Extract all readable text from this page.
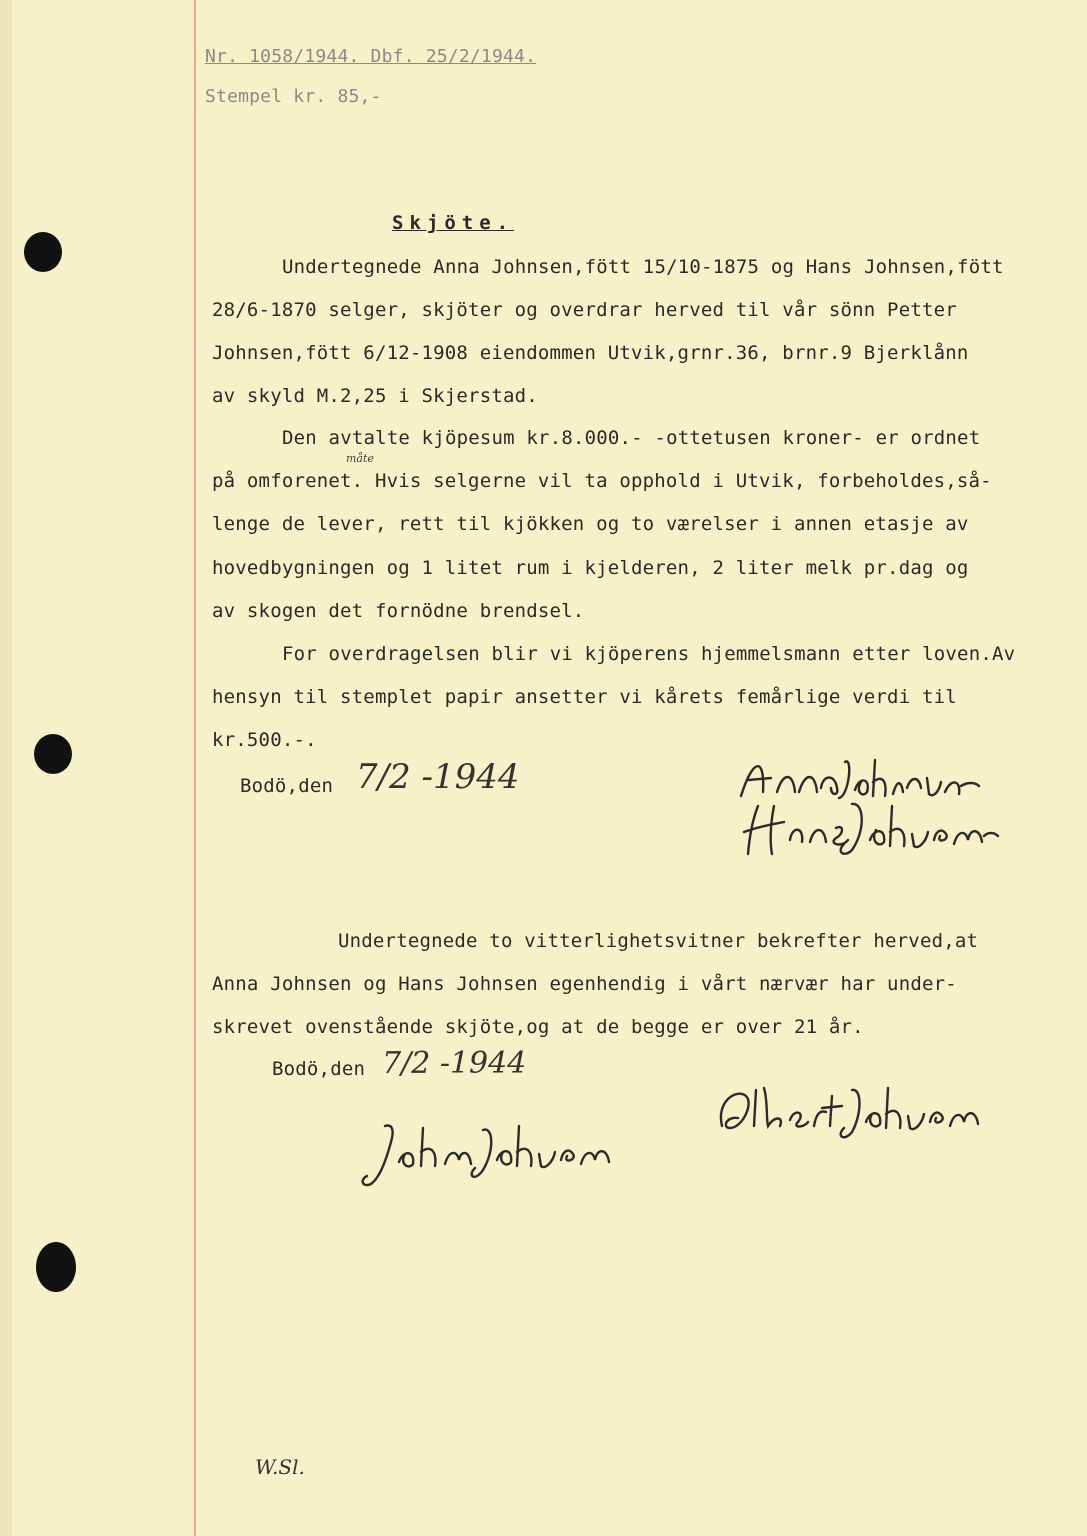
Nr. 1058/1944. Dbf. 25/2/1944.
Stempel kr. 85,-
Skjöte.
Undertegnede Anna Johnsen,fött 15/10-1875 og Hans Johnsen,fött
28/6-1870 selger, skjöter og overdrar herved til vår sönn Petter
Johnsen,fött 6/12-1908 eiendommen Utvik,grnr.36, brnr.9 Bjerklånn
av skyld M.2,25 i Skjerstad.
Den avtalte kjöpesum kr.8.000.- -ottetusen kroner- er ordnet
måte
på omforenet. Hvis selgerne vil ta opphold i Utvik, forbeholdes,så-
lenge de lever, rett til kjökken og to værelser i annen etasje av
hovedbygningen og 1 litet rum i kjelderen, 2 liter melk pr.dag og
av skogen det fornödne brendsel.
For overdragelsen blir vi kjöperens hjemmelsmann etter loven.Av
hensyn til stemplet papir ansetter vi kårets femårlige verdi til
kr.500.-.
Bodö,den 7/2 -1944
Undertegnede to vitterlighetsvitner bekrefter herved,at
Anna Johnsen og Hans Johnsen egenhendig i vårt nærvær har under-
skrevet ovenstående skjöte,og at de begge er over 21 år.
Bodö,den 7/2 -1944
W.Sl.
